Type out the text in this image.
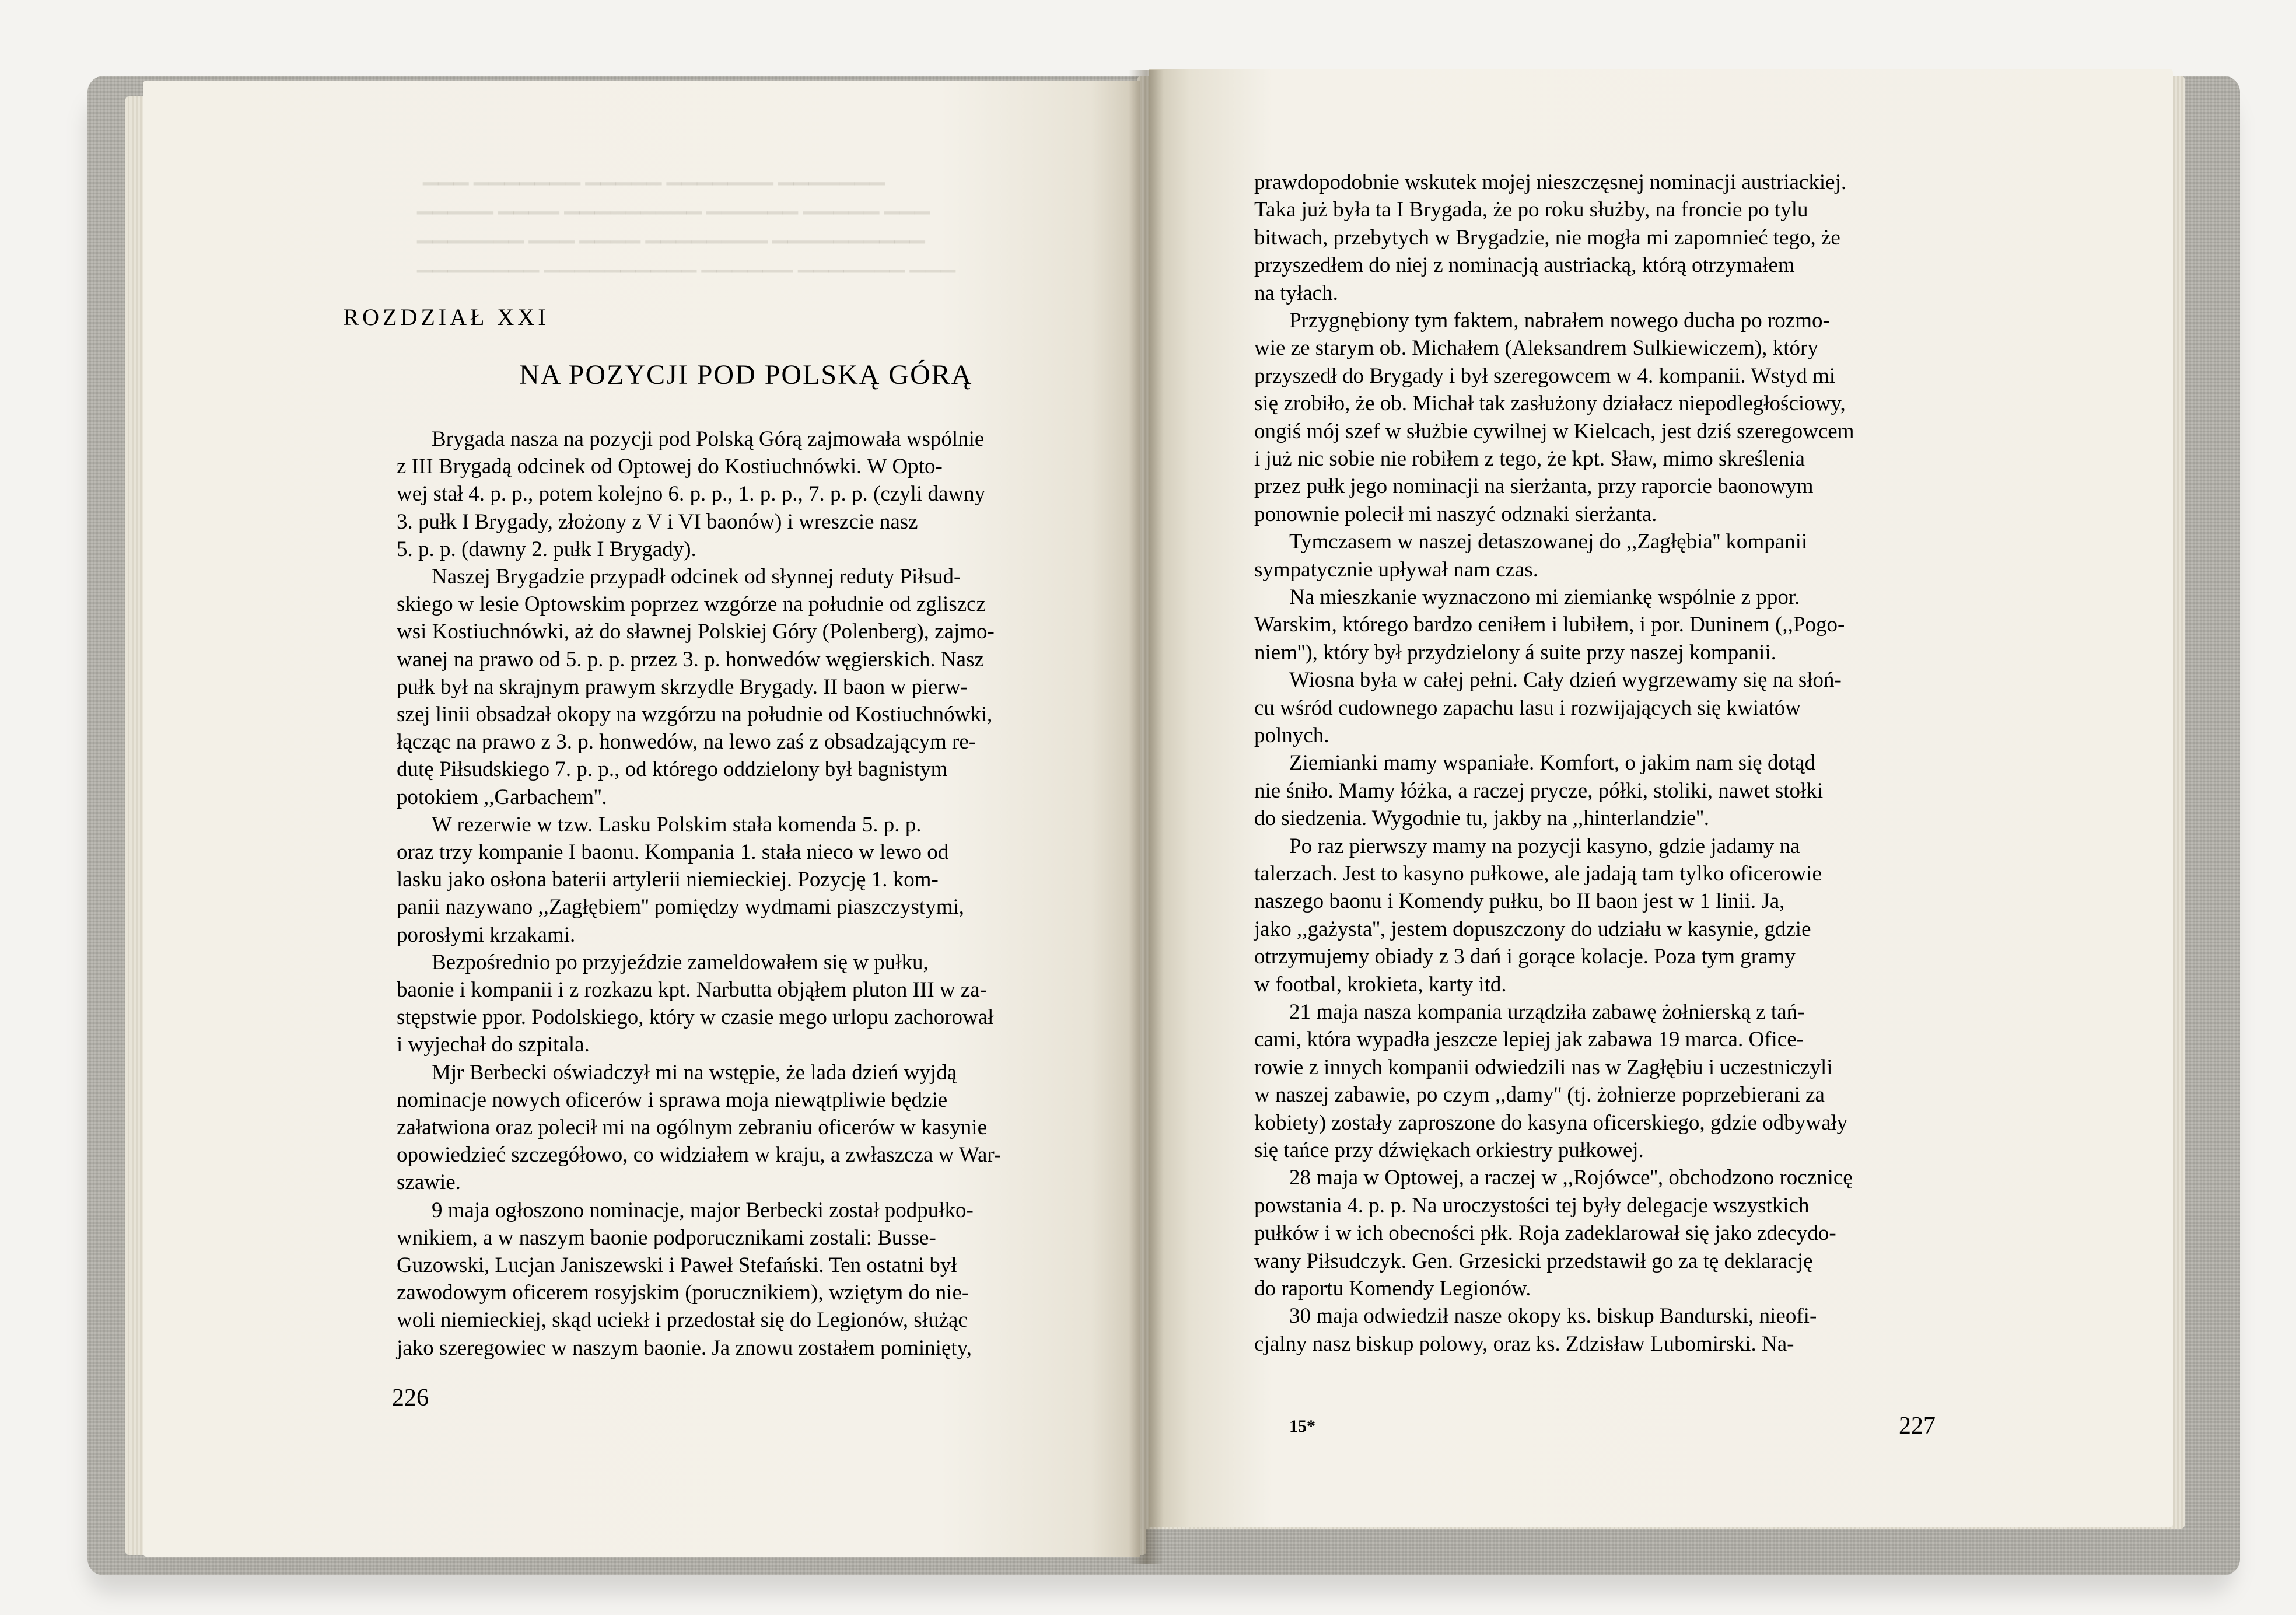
▁▁▁ ▁▁▁▁▁▁▁ ▁▁▁▁▁ ▁▁▁▁▁▁▁ ▁▁▁▁▁▁▁
▁▁▁▁▁ ▁▁▁▁ ▁▁▁▁▁▁▁▁▁ ▁▁▁▁▁▁ ▁▁▁▁▁ ▁▁▁
▁▁▁▁▁▁▁ ▁▁▁ ▁▁▁▁ ▁▁▁▁▁▁▁▁ ▁▁▁▁▁▁▁▁▁▁
▁▁▁▁▁▁▁▁ ▁▁▁▁▁▁▁▁▁▁ ▁▁▁▁▁▁ ▁▁▁▁▁▁▁ ▁▁▁
ROZDZIAŁ XXI
NA POZYCJI POD POLSKĄ GÓRĄ
Brygada nasza na pozycji pod Polską Górą zajmowała wspólnie
z III Brygadą odcinek od Optowej do Kostiuchnówki. W Opto-
wej stał 4. p. p., potem kolejno 6. p. p., 1. p. p., 7. p. p. (czyli dawny
3. pułk I Brygady, złożony z V i VI baonów) i wreszcie nasz
5. p. p. (dawny 2. pułk I Brygady).
Naszej Brygadzie przypadł odcinek od słynnej reduty Piłsud-
skiego w lesie Optowskim poprzez wzgórze na południe od zgliszcz
wsi Kostiuchnówki, aż do sławnej Polskiej Góry (Polenberg), zajmo-
wanej na prawo od 5. p. p. przez 3. p. honwedów węgierskich. Nasz
pułk był na skrajnym prawym skrzydle Brygady. II baon w pierw-
szej linii obsadzał okopy na wzgórzu na południe od Kostiuchnówki,
łącząc na prawo z 3. p. honwedów, na lewo zaś z obsadzającym re-
dutę Piłsudskiego 7. p. p., od którego oddzielony był bagnistym
potokiem ,,Garbachem''.
W rezerwie w tzw. Lasku Polskim stała komenda 5. p. p.
oraz trzy kompanie I baonu. Kompania 1. stała nieco w lewo od
lasku jako osłona baterii artylerii niemieckiej. Pozycję 1. kom-
panii nazywano ,,Zagłębiem'' pomiędzy wydmami piaszczystymi,
porosłymi krzakami.
Bezpośrednio po przyjeździe zameldowałem się w pułku,
baonie i kompanii i z rozkazu kpt. Narbutta objąłem pluton III w za-
stępstwie ppor. Podolskiego, który w czasie mego urlopu zachorował
i wyjechał do szpitala.
Mjr Berbecki oświadczył mi na wstępie, że lada dzień wyjdą
nominacje nowych oficerów i sprawa moja niewątpliwie będzie
załatwiona oraz polecił mi na ogólnym zebraniu oficerów w kasynie
opowiedzieć szczegółowo, co widziałem w kraju, a zwłaszcza w War-
szawie.
9 maja ogłoszono nominacje, major Berbecki został podpułko-
wnikiem, a w naszym baonie podporucznikami zostali: Busse-
Guzowski, Lucjan Janiszewski i Paweł Stefański. Ten ostatni był
zawodowym oficerem rosyjskim (porucznikiem), wziętym do nie-
woli niemieckiej, skąd uciekł i przedostał się do Legionów, służąc
jako szeregowiec w naszym baonie. Ja znowu zostałem pominięty,
prawdopodobnie wskutek mojej nieszczęsnej nominacji austriackiej.
Taka już była ta I Brygada, że po roku służby, na froncie po tylu
bitwach, przebytych w Brygadzie, nie mogła mi zapomnieć tego, że
przyszedłem do niej z nominacją austriacką, którą otrzymałem
na tyłach.
Przygnębiony tym faktem, nabrałem nowego ducha po rozmo-
wie ze starym ob. Michałem (Aleksandrem Sulkiewiczem), który
przyszedł do Brygady i był szeregowcem w 4. kompanii. Wstyd mi
się zrobiło, że ob. Michał tak zasłużony działacz niepodległościowy,
ongiś mój szef w służbie cywilnej w Kielcach, jest dziś szeregowcem
i już nic sobie nie robiłem z tego, że kpt. Sław, mimo skreślenia
przez pułk jego nominacji na sierżanta, przy raporcie baonowym
ponownie polecił mi naszyć odznaki sierżanta.
Tymczasem w naszej detaszowanej do ,,Zagłębia'' kompanii
sympatycznie upływał nam czas.
Na mieszkanie wyznaczono mi ziemiankę wspólnie z ppor.
Warskim, którego bardzo ceniłem i lubiłem, i por. Duninem (,,Pogo-
niem''), który był przydzielony á suite przy naszej kompanii.
Wiosna była w całej pełni. Cały dzień wygrzewamy się na słoń-
cu wśród cudownego zapachu lasu i rozwijających się kwiatów
polnych.
Ziemianki mamy wspaniałe. Komfort, o jakim nam się dotąd
nie śniło. Mamy łóżka, a raczej prycze, półki, stoliki, nawet stołki
do siedzenia. Wygodnie tu, jakby na ,,hinterlandzie''.
Po raz pierwszy mamy na pozycji kasyno, gdzie jadamy na
talerzach. Jest to kasyno pułkowe, ale jadają tam tylko oficerowie
naszego baonu i Komendy pułku, bo II baon jest w 1 linii. Ja,
jako ,,gażysta'', jestem dopuszczony do udziału w kasynie, gdzie
otrzymujemy obiady z 3 dań i gorące kolacje. Poza tym gramy
w footbal, krokieta, karty itd.
21 maja nasza kompania urządziła zabawę żołnierską z tań-
cami, która wypadła jeszcze lepiej jak zabawa 19 marca. Ofice-
rowie z innych kompanii odwiedzili nas w Zagłębiu i uczestniczyli
w naszej zabawie, po czym ,,damy'' (tj. żołnierze poprzebierani za
kobiety) zostały zaproszone do kasyna oficerskiego, gdzie odbywały
się tańce przy dźwiękach orkiestry pułkowej.
28 maja w Optowej, a raczej w ,,Rojówce'', obchodzono rocznicę
powstania 4. p. p. Na uroczystości tej były delegacje wszystkich
pułków i w ich obecności płk. Roja zadeklarował się jako zdecydo-
wany Piłsudczyk. Gen. Grzesicki przedstawił go za tę deklarację
do raportu Komendy Legionów.
30 maja odwiedził nasze okopy ks. biskup Bandurski, nieofi-
cjalny nasz biskup polowy, oraz ks. Zdzisław Lubomirski. Na-
226
15*	227
